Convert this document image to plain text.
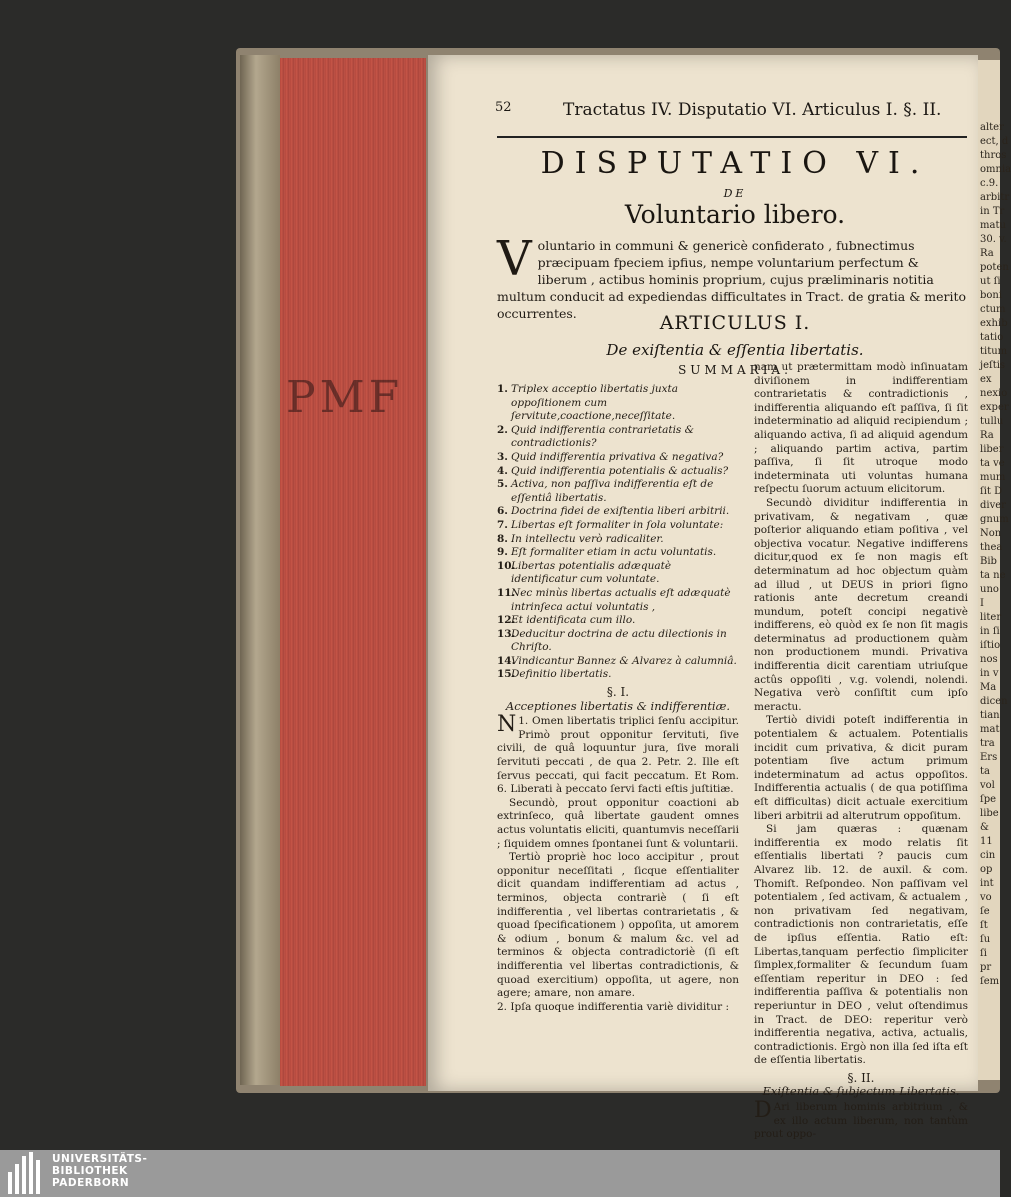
PMF
alter
ect, d
thros
omnia
c.9.
arbitr
in Tr
matu
30. v.
Ra
poten
ut ſi
boni
ctum
exhib
tatio
titum
jeſtis
ex
nexio
exper
tullu
Ra
liber
ta ve
mum
ſit D
diver
gnum
Non
thea
Bib
ta ne
uno
I
liter
in ſi
iſtio
nos
in v
Ma
dicen
tian
mat
tra
Ers
ta
vol
ſpe
libe
&
11
cin
op
int
vo
ſe
ſt
ſu
ſi
pr
ſem
52	Tractatus IV. Disputatio VI. Articulus I. §. II.
DISPUTATIO VI.
DE
Voluntario libero.
V oluntario in communi & genericè confiderato , fubnectimus præcipuam fpeciem ipfius, nempe voluntarium perfectum & liberum , actibus hominis proprium, cujus præliminaris notitia multum conducit ad expediendas difficultates in Tract. de gratia & merito occurrentes.	ARTICULUS I.
De exiſtentia & eſſentia libertatis.
SUMMARIA.
1. Triplex acceptio libertatis juxta oppoſitionem cum ſervitute,coactione,neceſſitate.
2. Quid indifferentia contrarietatis & contradictionis?
3. Quid indifferentia privativa & negativa?
4. Quid indifferentia potentialis & actualis?
5. Activa, non paſſiva indifferentia eſt de eſſentiâ libertatis.
6. Doctrina fidei de exiſtentia liberi arbitrii.
7. Libertas eſt formaliter in ſola voluntate:
8. In intellectu verò radicaliter.
9. Eſt formaliter etiam in actu voluntatis.
10.Libertas potentialis adæquatè identificatur cum voluntate.
11.Nec minùs libertas actualis eſt adæquatè intrinſeca actui voluntatis ,
12.Et identificata cum illo.
13.Deducitur doctrina de actu dilectionis in Chriſto.
14.Vindicantur Bannez & Alvarez à calumniâ.
15.Definitio libertatis.
§. I.
Acceptiones libertatis & indifferentiæ.
1.
N Omen libertatis triplici ſenſu accipitur. Primò prout opponitur ſervituti, ſive civili, de quâ loquuntur jura, ſive morali ſervituti peccati , de qua 2. Petr. 2. Ille eſt ſervus peccati, qui facit peccatum. Et Rom. 6. Liberati à peccato ſervi facti eſtis juſtitiæ.
Secundò, prout opponitur coactioni ab extrinſeco, quâ libertate gaudent omnes actus voluntatis eliciti, quantumvis neceſſarii ; ſiquidem omnes ſpontanei ſunt & voluntarii.
Tertiò propriè hoc loco accipitur , prout opponitur neceſſitati , ſicque eſſentialiter dicit quandam indifferentiam ad actus , terminos, objecta contrariè ( ſi eſt indifferentia , vel libertas contrarietatis , & quoad ſpecificationem ) oppoſita, ut amorem & odium , bonum & malum &c. vel ad terminos & objecta contradictoriè (ſi eſt indifferentia vel libertas contradictionis, & quoad exercitium) oppoſita, ut agere, non agere; amare, non amare.
2. Ipſa quoque indifferentia variè dividitur :
nam ut prætermittam modò inſinuatam diviſionem in indifferentiam contrarietatis & contradictionis , indifferentia aliquando eſt paſſiva, ſi ſit indeterminatio ad aliquid recipiendum ; aliquando activa, ſi ad aliquid agendum ; aliquando partim activa, partim paſſiva, ſi ſit utroque modo indeterminata uti voluntas humana reſpectu ſuorum actuum elicitorum.
Secundò dividitur indifferentia in privativam, & negativam , quæ poſterior aliquando etiam poſitiva , vel objectiva vocatur. Negative indifferens dicitur,quod ex ſe non magis eſt determinatum ad hoc objectum quàm ad illud , ut DEUS in priori ſigno rationis ante decretum creandi mundum, poteſt concipi negativè indifferens, eò quòd ex ſe non ſit magis determinatus ad productionem quàm non productionem mundi. Privativa indifferentia dicit carentiam utriuſque actûs oppoſiti , v.g. volendi, nolendi. Negativa verò conſiſtit cum ipſo meractu.
Tertiò dividi poteſt indifferentia in potentialem & actualem. Potentialis incidit cum privativa, & dicit puram potentiam ſive actum primum indeterminatum ad actus oppoſitos. Indifferentia actualis ( de qua potiſſima eſt difficultas) dicit actuale exercitium liberi arbitrii ad alterutrum oppoſitum.
Si jam quæras : quænam indifferentia ex modo relatis ſit eſſentialis libertati ? paucis cum Alvarez lib. 12. de auxil. & com. Thomiſt. Reſpondeo. Non paſſivam vel potentialem , ſed activam, & actualem , non privativam ſed negativam, contradictionis non contrarietatis, eſſe de ipſius eſſentia. Ratio eſt: Libertas,tanquam perfectio ſimpliciter ſimplex,formaliter & ſecundum ſuam eſſentiam reperitur in DEO : ſed indifferentia paſſiva & potentialis non reperiuntur in DEO , velut oſtendimus in Tract. de DEO: reperitur verò indifferentia negativa, activa, actualis, contradictionis. Ergò non illa ſed iſta eſt de eſſentia libertatis.
§. II.
Exiſtentia & ſubjectum Libertatis.
D Ari liberum hominis arbitrium , & ex illo actum liberum, non tantùm prout oppo-
UNIVERSITÄTS-
BIBLIOTHEK
PADERBORN
